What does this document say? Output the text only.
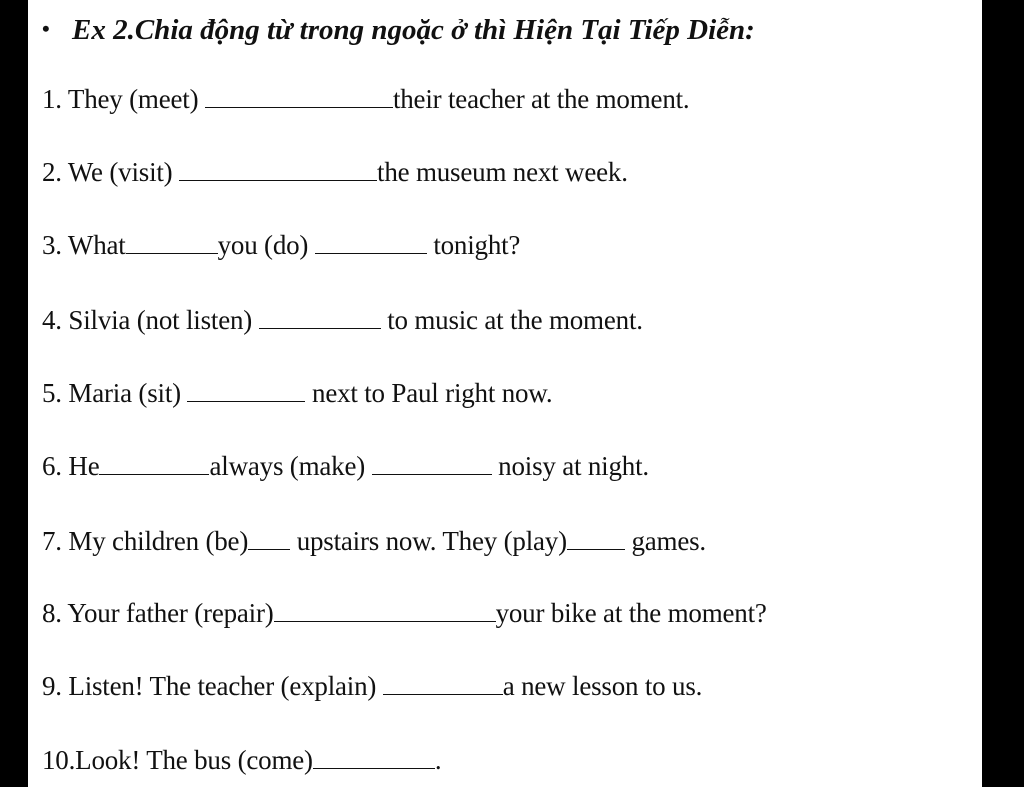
• Ex 2.Chia động từ trong ngoặc ở thì Hiện Tại Tiếp Diễn:
1. They (meet)	their teacher at the moment.
2. We (visit)	the museum next week.
3. What	you (do)	tonight?
4. Silvia (not listen)	to music at the moment.
5. Maria (sit)	next to Paul right now.
6. He	always (make)	noisy at night.
7. My children (be) upstairs now. They (play) games.
8. Your father (repair)	your bike at the moment?
9. Listen! The teacher (explain)	a new lesson to us.
10.Look! The bus (come)	.
